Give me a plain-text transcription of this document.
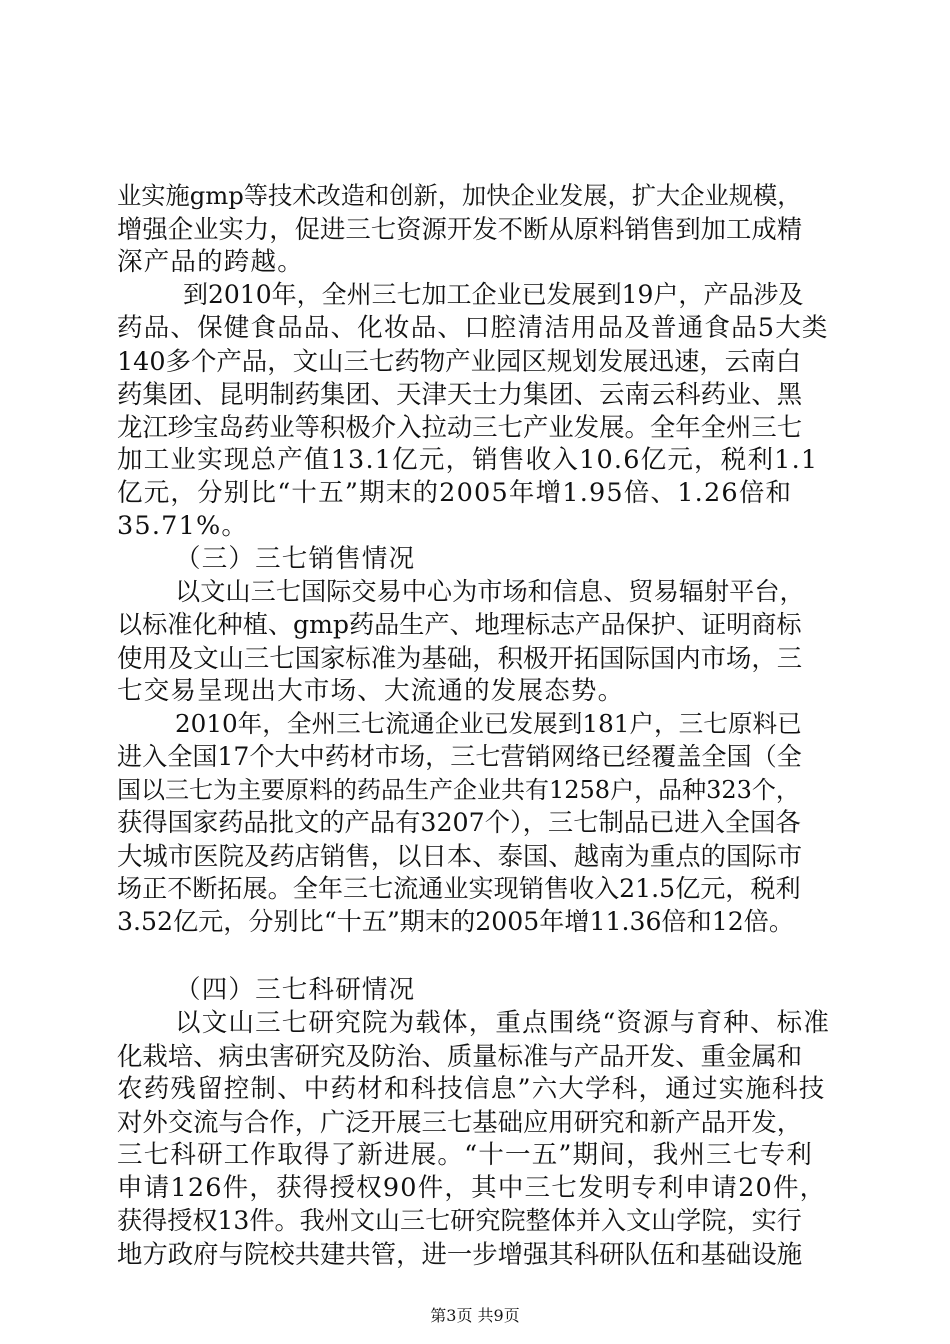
业实施gmp等技术改造和创新，加快企业发展，扩大企业规模，
增强企业实力，促进三七资源开发不断从原料销售到加工成精
深产品的跨越。
到2010年，全州三七加工企业已发展到19户，产品涉及
药品、保健食品品、化妆品、口腔清洁用品及普通食品5大类
140多个产品，文山三七药物产业园区规划发展迅速，云南白
药集团、昆明制药集团、天津天士力集团、云南云科药业、黑
龙江珍宝岛药业等积极介入拉动三七产业发展。全年全州三七
加工业实现总产值13.1亿元，销售收入10.6亿元，税利1.1
亿元，分别比“十五”期末的2005年增1.95倍、1.26倍和
35.71%。
（三）三七销售情况
以文山三七国际交易中心为市场和信息、贸易辐射平台，
以标准化种植、gmp药品生产、地理标志产品保护、证明商标
使用及文山三七国家标准为基础，积极开拓国际国内市场，三
七交易呈现出大市场、大流通的发展态势。
2010年，全州三七流通企业已发展到181户，三七原料已
进入全国17个大中药材市场，三七营销网络已经覆盖全国（全
国以三七为主要原料的药品生产企业共有1258户，品种323个，
获得国家药品批文的产品有3207个），三七制品已进入全国各
大城市医院及药店销售，以日本、泰国、越南为重点的国际市
场正不断拓展。全年三七流通业实现销售收入21.5亿元，税利
3.52亿元，分别比“十五”期末的2005年增11.36倍和12倍。
（四）三七科研情况
以文山三七研究院为载体，重点围绕“资源与育种、标准
化栽培、病虫害研究及防治、质量标准与产品开发、重金属和
农药残留控制、中药材和科技信息”六大学科，通过实施科技
对外交流与合作，广泛开展三七基础应用研究和新产品开发，
三七科研工作取得了新进展。“十一五”期间，我州三七专利
申请126件，获得授权90件，其中三七发明专利申请20件，
获得授权13件。我州文山三七研究院整体并入文山学院，实行
地方政府与院校共建共管，进一步增强其科研队伍和基础设施
第3页 共9页
